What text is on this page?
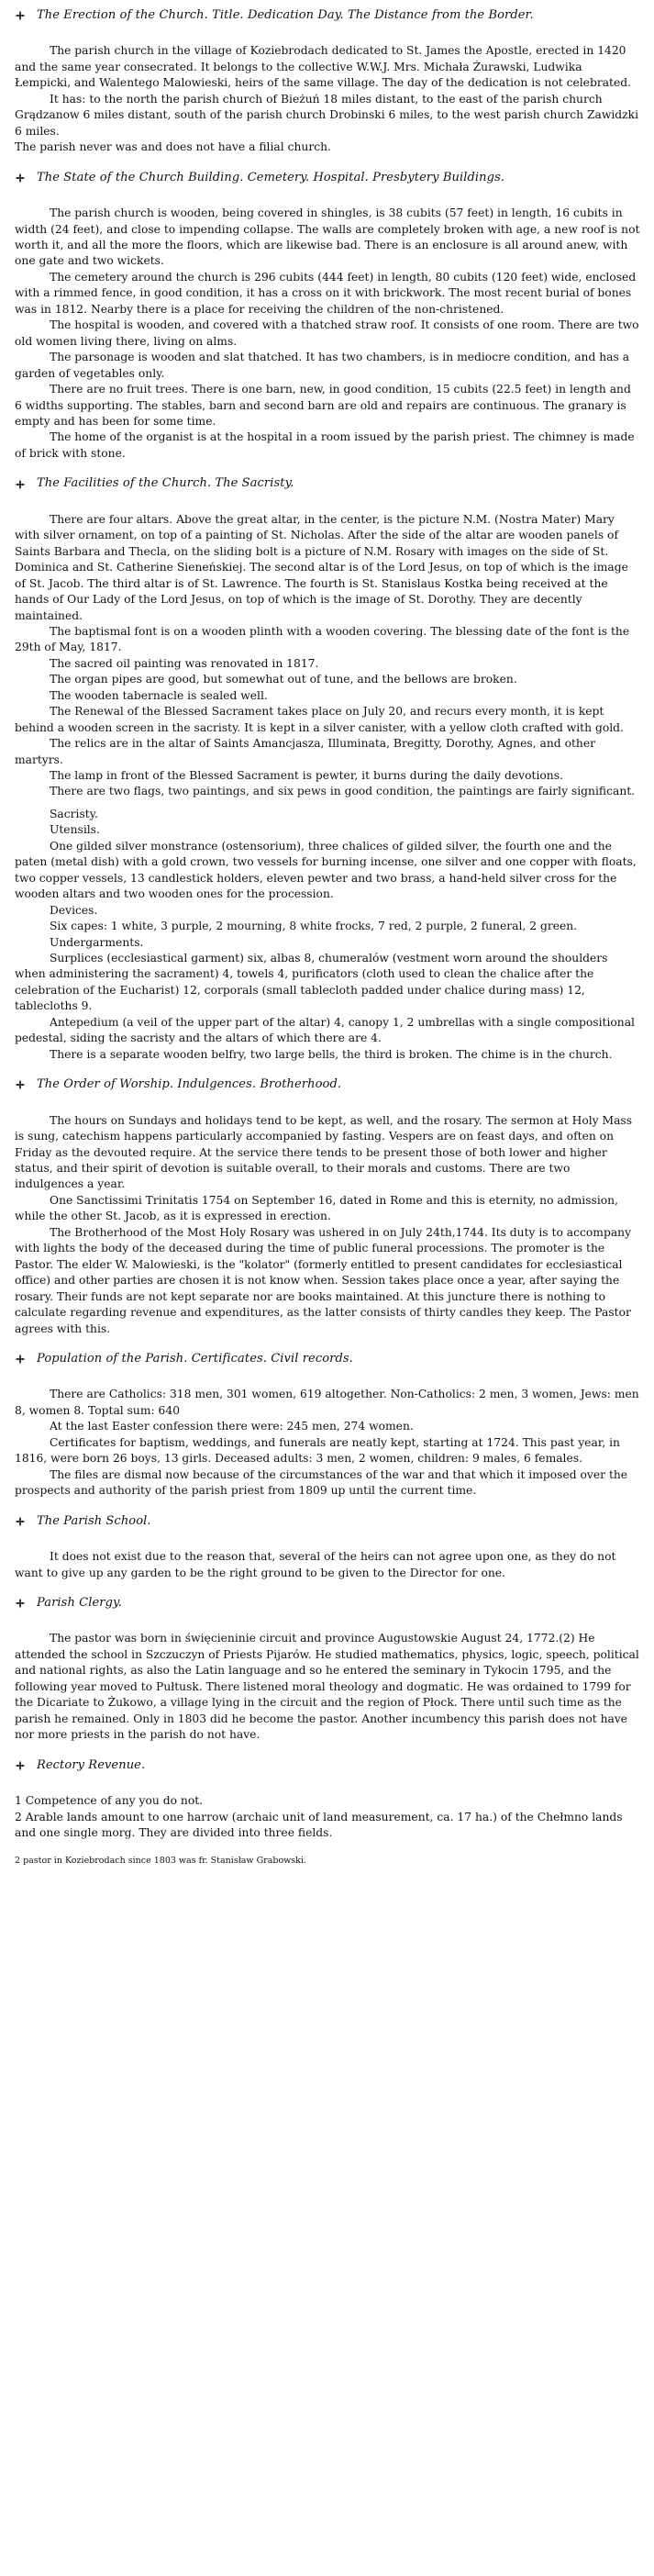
The Erection of the Church. Title. Dedication Day. The Distance from the Border.

The parish church in the village of Koziebrodach dedicated to St. James the Apostle, erected in 1420 and the same year consecrated. It belongs to the collective W.W.J. Mrs. Michała Żurawski, Ludwika Łempicki, and Walentego Malowieski, heirs of the same village. The day of the dedication is not celebrated.

It has: to the north the parish church of Bieżuń 18 miles distant, to the east of the parish church Grądzanow 6 miles distant, south of the parish church Drobinski 6 miles, to the west parish church Zawidzki 6 miles.

The parish never was and does not have a filial church.

The State of the Church Building. Cemetery. Hospital. Presbytery Buildings.

The parish church is wooden, being covered in shingles, is 38 cubits (57 feet) in length, 16 cubits in width (24 feet), and close to impending collapse. The walls are completely broken with age, a new roof is not worth it, and all the more the floors, which are likewise bad. There is an enclosure is all around anew, with one gate and two wickets.

The cemetery around the church is 296 cubits (444 feet) in length, 80 cubits (120 feet) wide, enclosed with a rimmed fence, in good condition, it has a cross on it with brickwork. The most recent burial of bones was in 1812. Nearby there is a place for receiving the children of the non-christened.

The hospital is wooden, and covered with a thatched straw roof. It consists of one room. There are two old women living there, living on alms.

The parsonage is wooden and slat thatched. It has two chambers, is in mediocre condition, and has a garden of vegetables only.

There are no fruit trees. There is one barn, new, in good condition, 15 cubits (22.5 feet) in length and 6 widths supporting. The stables, barn and second barn are old and repairs are continuous. The granary is empty and has been for some time.

The home of the organist is at the hospital in a room issued by the parish priest. The chimney is made of brick with stone.

The Facilities of the Church. The Sacristy.

There are four altars. Above the great altar, in the center, is the picture N.M. (Nostra Mater) Mary with silver ornament, on top of a painting of St. Nicholas. After the side of the altar are wooden panels of Saints Barbara and Thecla, on the sliding bolt is a picture of N.M. Rosary with images on the side of St. Dominica and St. Catherine Sieneńskiej. The second altar is of the Lord Jesus, on top of which is the image of St. Jacob. The third altar is of St. Lawrence. The fourth is St. Stanislaus Kostka being received at the hands of Our Lady of the Lord Jesus, on top of which is the image of St. Dorothy. They are decently maintained.

The baptismal font is on a wooden plinth with a wooden covering. The blessing date of the font is the 29th of May, 1817.

The sacred oil painting was renovated in 1817.

The organ pipes are good, but somewhat out of tune, and the bellows are broken.

The wooden tabernacle is sealed well.

The Renewal of the Blessed Sacrament takes place on July 20, and recurs every month, it is kept behind a wooden screen in the sacristy. It is kept in a silver canister, with a yellow cloth crafted with gold.

The relics are in the altar of Saints Amancjasza, Illuminata, Bregitty, Dorothy, Agnes, and other martyrs.

The lamp in front of the Blessed Sacrament is pewter, it burns during the daily devotions.

There are two flags, two paintings, and six pews in good condition, the paintings are fairly significant.

Sacristy.

Utensils.

One gilded silver monstrance (ostensorium), three chalices of gilded silver, the fourth one and the paten (metal dish) with a gold crown, two vessels for burning incense, one silver and one copper with floats, two copper vessels, 13 candlestick holders, eleven pewter and two brass, a hand-held silver cross for the wooden altars and two wooden ones for the procession.

Devices.

Six capes: 1 white, 3 purple, 2 mourning, 8 white frocks, 7 red, 2 purple, 2 funeral, 2 green.

Undergarments.

Surplices (ecclesiastical garment) six, albas 8, chumeralów (vestment worn around the shoulders when administering the sacrament) 4, towels 4, purificators (cloth used to clean the chalice after the celebration of the Eucharist) 12, corporals (small tablecloth padded under chalice during mass) 12, tablecloths 9.

Antepedium (a veil of the upper part of the altar) 4, canopy 1, 2 umbrellas with a single compositional pedestal, siding the sacristy and the altars of which there are 4.

There is a separate wooden belfry, two large bells, the third is broken. The chime is in the church.

The Order of Worship. Indulgences. Brotherhood.

The hours on Sundays and holidays tend to be kept, as well, and the rosary. The sermon at Holy Mass is sung, catechism happens particularly accompanied by fasting. Vespers are on feast days, and often on Friday as the devouted require. At the service there tends to be present those of both lower and higher status, and their spirit of devotion is suitable overall, to their morals and customs. There are two indulgences a year.

One Sanctissimi Trinitatis 1754 on September 16, dated in Rome and this is eternity, no admission, while the other St. Jacob, as it is expressed in erection.

The Brotherhood of the Most Holy Rosary was ushered in on July 24th,1744. Its duty is to accompany with lights the body of the deceased during the time of public funeral processions. The promoter is the Pastor. The elder W. Malowieski, is the "kolator" (formerly entitled to present candidates for ecclesiastical office) and other parties are chosen it is not know when. Session takes place once a year, after saying the rosary. Their funds are not kept separate nor are books maintained. At this juncture there is nothing to calculate regarding revenue and expenditures, as the latter consists of thirty candles they keep. The Pastor agrees with this.

Population of the Parish. Certificates. Civil records.

There are Catholics: 318 men, 301 women, 619 altogether. Non-Catholics: 2 men, 3 women, Jews: men 8, women 8. Toptal sum: 640

At the last Easter confession there were: 245 men, 274 women.

Certificates for baptism, weddings, and funerals are neatly kept, starting at 1724. This past year, in 1816, were born 26 boys, 13 girls. Deceased adults: 3 men, 2 women, children: 9 males, 6 females.

The files are dismal now because of the circumstances of the war and that which it imposed over the prospects and authority of the parish priest from 1809 up until the current time.

The Parish School.

It does not exist due to the reason that, several of the heirs can not agree upon one, as they do not want to give up any garden to be the right ground to be given to the Director for one.

Parish Clergy.

The pastor was born in święcieninie circuit and province Augustowskie August 24, 1772.(2) He attended the school in Szczuczyn of Priests Pijarów. He studied mathematics, physics, logic, speech, political and national rights, as also the Latin language and so he entered the seminary in Tykocin 1795, and the following year moved to Pułtusk. There listened moral theology and dogmatic. He was ordained to 1799 for the Dicariate to Żukowo, a village lying in the circuit and the region of Płock. There until such time as the parish he remained. Only in 1803 did he become the pastor. Another incumbency this parish does not have nor more priests in the parish do not have.

Rectory Revenue.

1 Competence of any you do not.

2 Arable lands amount to one harrow (archaic unit of land measurement, ca. 17 ha.) of the Chełmno lands and one single morg. They are divided into three fields.

2 pastor in Koziebrodach since 1803 was fr. Stanisław Grabowski.
